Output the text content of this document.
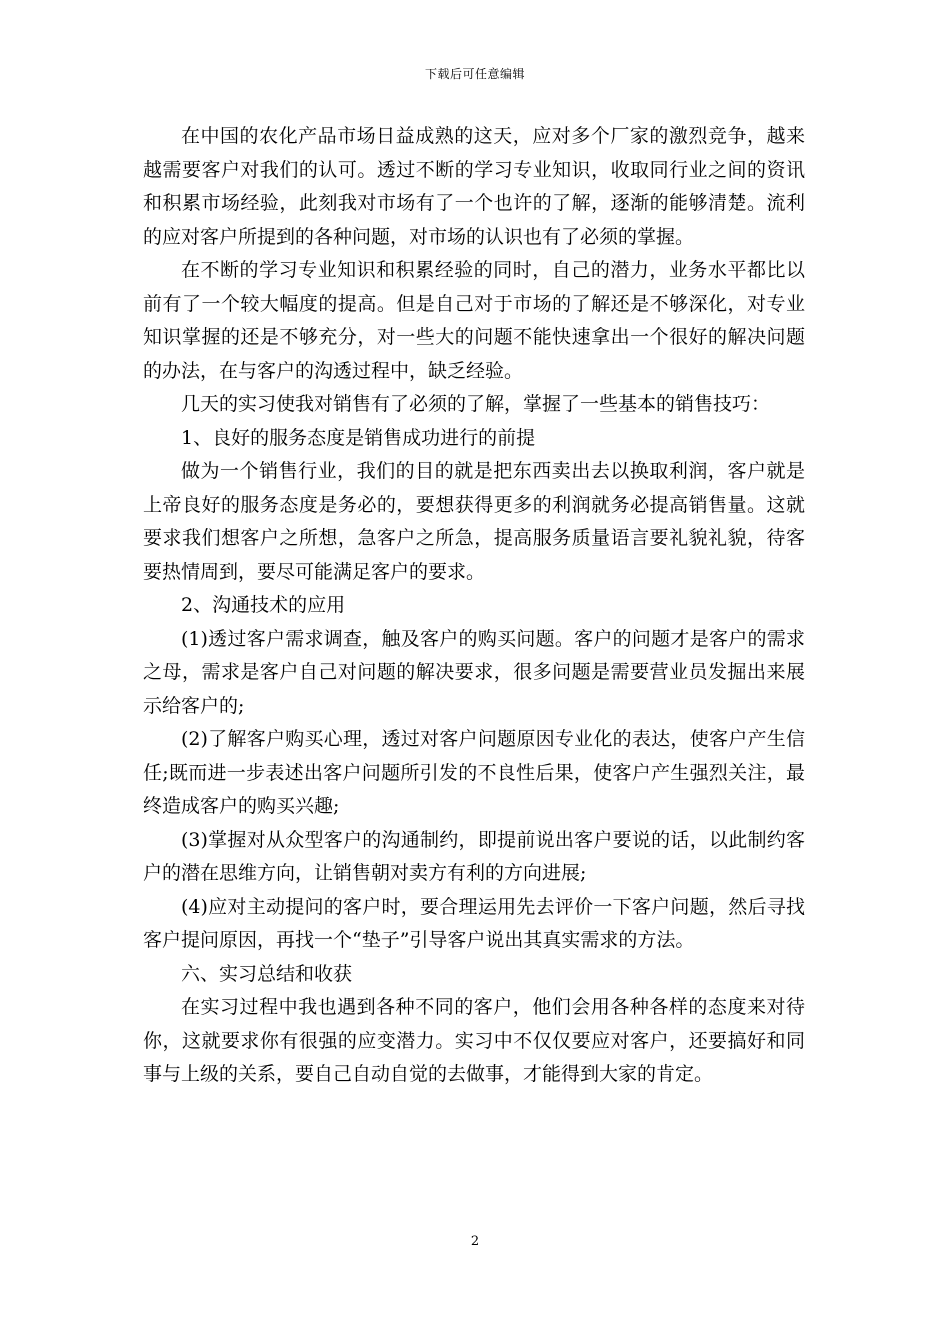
下载后可任意编辑

在中国的农化产品市场日益成熟的这天，应对多个厂家的激烈竞争，越来越需要客户对我们的认可。透过不断的学习专业知识，收取同行业之间的资讯和积累市场经验，此刻我对市场有了一个也许的了解，逐渐的能够清楚。流利的应对客户所提到的各种问题，对市场的认识也有了必须的掌握。

在不断的学习专业知识和积累经验的同时，自己的潜力，业务水平都比以前有了一个较大幅度的提高。但是自己对于市场的了解还是不够深化，对专业知识掌握的还是不够充分，对一些大的问题不能快速拿出一个很好的解决问题的办法，在与客户的沟透过程中，缺乏经验。

几天的实习使我对销售有了必须的了解，掌握了一些基本的销售技巧：

1、良好的服务态度是销售成功进行的前提

做为一个销售行业，我们的目的就是把东西卖出去以换取利润，客户就是上帝良好的服务态度是务必的，要想获得更多的利润就务必提高销售量。这就要求我们想客户之所想，急客户之所急，提高服务质量语言要礼貌礼貌，待客要热情周到，要尽可能满足客户的要求。

2、沟通技术的应用

(1)透过客户需求调查，触及客户的购买问题。客户的问题才是客户的需求之母，需求是客户自己对问题的解决要求，很多问题是需要营业员发掘出来展示给客户的;

(2)了解客户购买心理，透过对客户问题原因专业化的表达，使客户产生信任;既而进一步表述出客户问题所引发的不良性后果，使客户产生强烈关注，最终造成客户的购买兴趣;

(3)掌握对从众型客户的沟通制约，即提前说出客户要说的话，以此制约客户的潜在思维方向，让销售朝对卖方有利的方向进展;

(4)应对主动提问的客户时，要合理运用先去评价一下客户问题，然后寻找客户提问原因，再找一个“垫子”引导客户说出其真实需求的方法。

六、实习总结和收获

在实习过程中我也遇到各种不同的客户，他们会用各种各样的态度来对待你，这就要求你有很强的应变潜力。实习中不仅仅要应对客户，还要搞好和同事与上级的关系，要自己自动自觉的去做事，才能得到大家的肯定。

2
